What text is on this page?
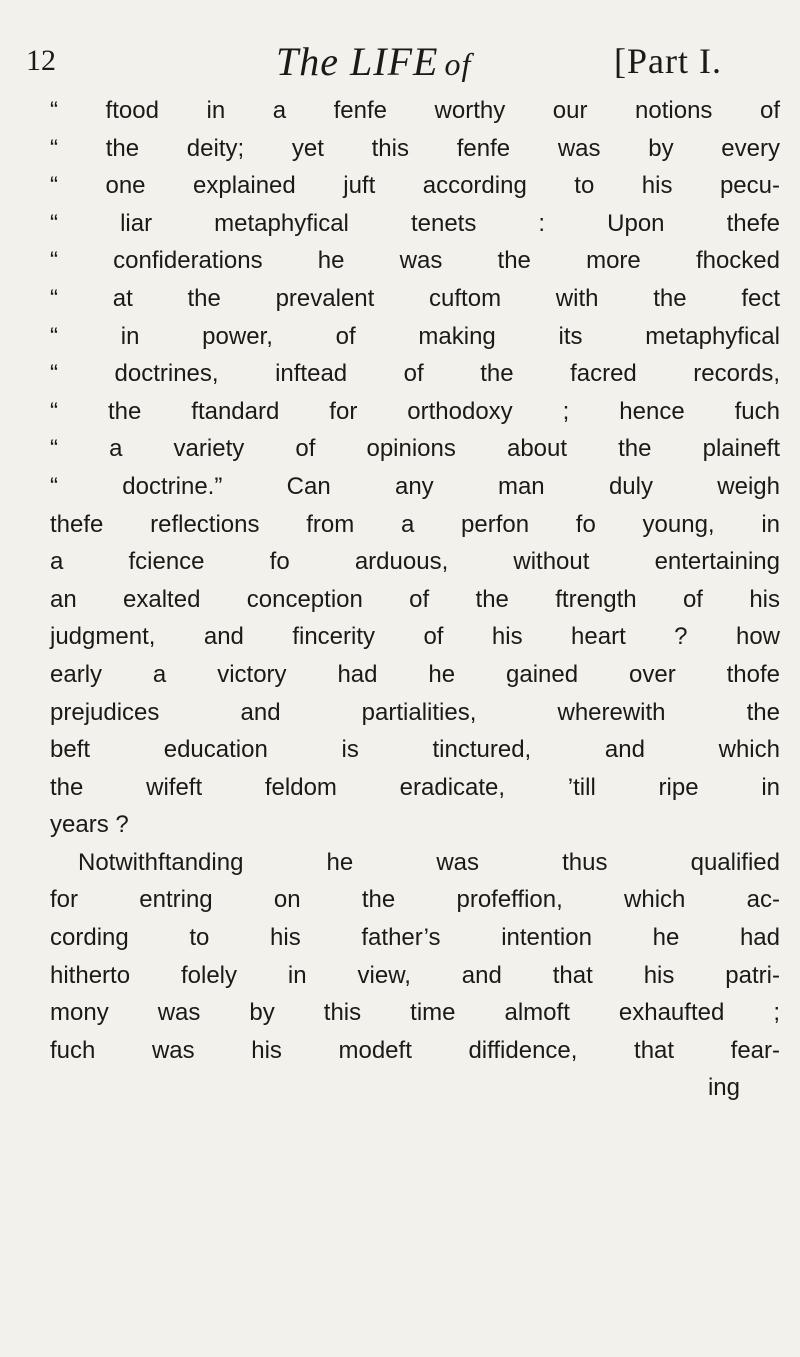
12	The LIFE of	[Part I.
“ ftood in a fenfe worthy our notions of
“ the deity; yet this fenfe was by every
“ one explained juft according to his pecu-
“ liar metaphyfical tenets : Upon thefe
“ confiderations he was the more fhocked
“ at the prevalent cuftom with the fect
“ in power, of making its metaphyfical
“ doctrines, inftead of the facred records,
“ the ftandard for orthodoxy ; hence fuch
“ a variety of opinions about the plaineft
“ doctrine.” Can any man duly weigh
thefe reflections from a perfon fo young, in
a fcience fo arduous, without entertaining
an exalted conception of the ftrength of his
judgment, and fincerity of his heart ? how
early a victory had he gained over thofe
prejudices and partialities, wherewith the
beft education is tinctured, and which
the wifeft feldom eradicate, ’till ripe in
years ?
Notwithftanding he was thus qualified
for entring on the profeffion, which ac-
cording to his father’s intention he had
hitherto folely in view, and that his patri-
mony was by this time almoft exhaufted ;
fuch was his modeft diffidence, that fear-
ing
